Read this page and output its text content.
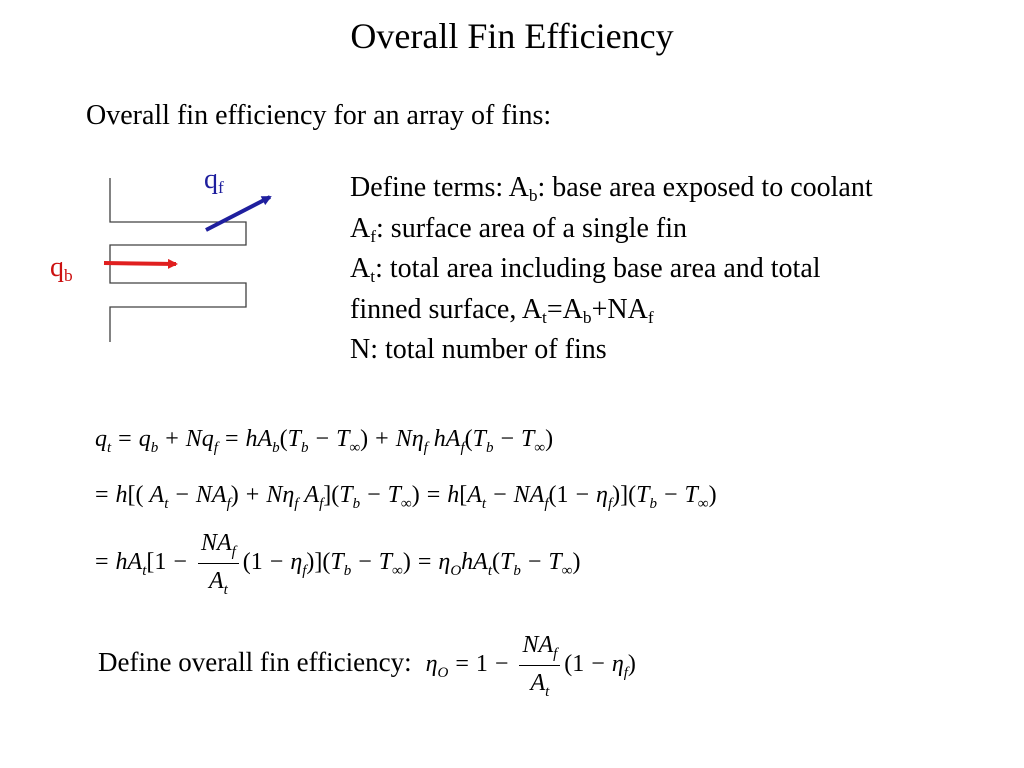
Overall Fin Efficiency
Overall fin efficiency for an array of fins:
$q_f$
$q_b$
Define terms: $A_b$: base area exposed to coolant
$A_f$: surface area of a single fin
$A_t$: total area including base area and total
finned surface, $A_t=A_b+NA_f$
N: total number of fins
$q_t = q_b + Nq_f = hA_b(T_b - T_\infty) + N\eta_f$ $hA_f(T_b - T_\infty)$
= h[( $A_t - NA_f) + N\eta_f$ $A_f](T_b - T_\infty) = h[A_t - NA_f(1 - \eta_f)](T_b - T_\infty)$
= $hA_t[1 - \frac{NA_f}{A_t} (1 - \eta_f)](T_b - T_\infty) = \eta_OhA_t(T_b - T_\infty)$
Define overall fin efficiency: $\eta_O = 1 - \frac{NA_f}{A_t} (1 - \eta_f)$
